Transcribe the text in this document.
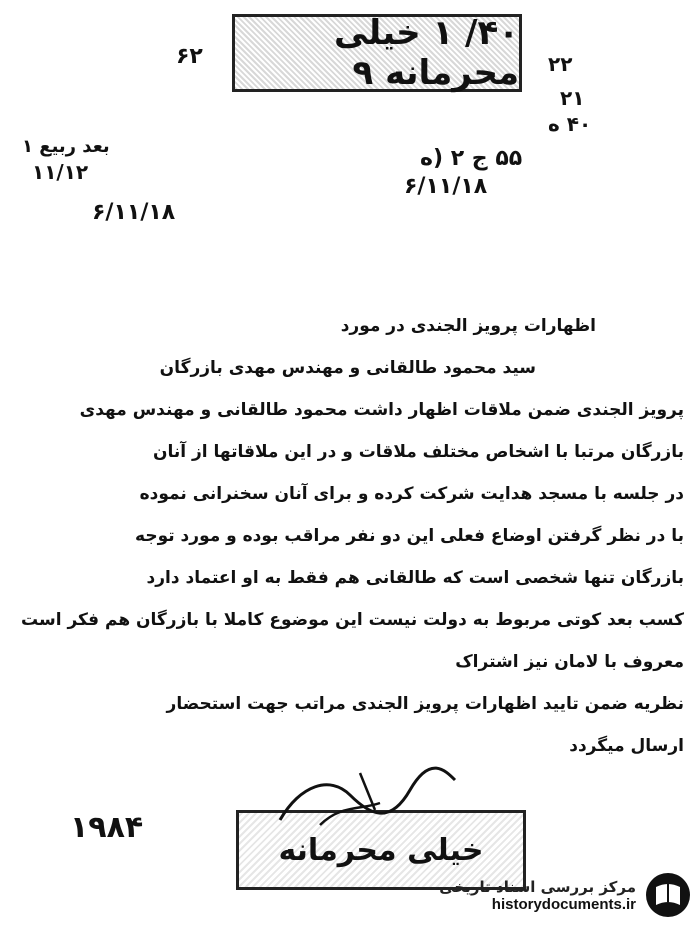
۴۰/ ۱ خیلی محرمانه ۹
۶۲	۲۲
۲۱
۴۰ ه
بعد ربیع ۱
۱۱/۱۲
۵۵ ج ۲ (ه
۶/۱۱/۱۸
۶/۱۱/۱۸
اظهارات پرویز الجندی در مورد
سید محمود طالقانی و مهندس مهدی بازرگان
پرویز الجندی ضمن ملاقات اظهار داشت محمود طالقانی و مهندس مهدی
بازرگان مرتبا با اشخاص مختلف ملاقات و در این ملاقاتها از آنان
در جلسه با مسجد هدایت شرکت کرده و برای آنان سخنرانی نموده
با در نظر گرفتن اوضاع فعلی این دو نفر مراقب بوده و مورد توجه
بازرگان تنها شخصی است که طالقانی هم فقط به او اعتماد دارد
کسب بعد کوتی مربوط به دولت نیست این موضوع کاملا با بازرگان هم فکر است
معروف با لامان نیز اشتراک
نظریه ضمن تایید اظهارات پرویز الجندی مراتب جهت استحضار
ارسال میگردد
۱۹۸۴
خیلی محرمانه
مرکز بررسی اسناد تاریخی
historydocuments.ir
